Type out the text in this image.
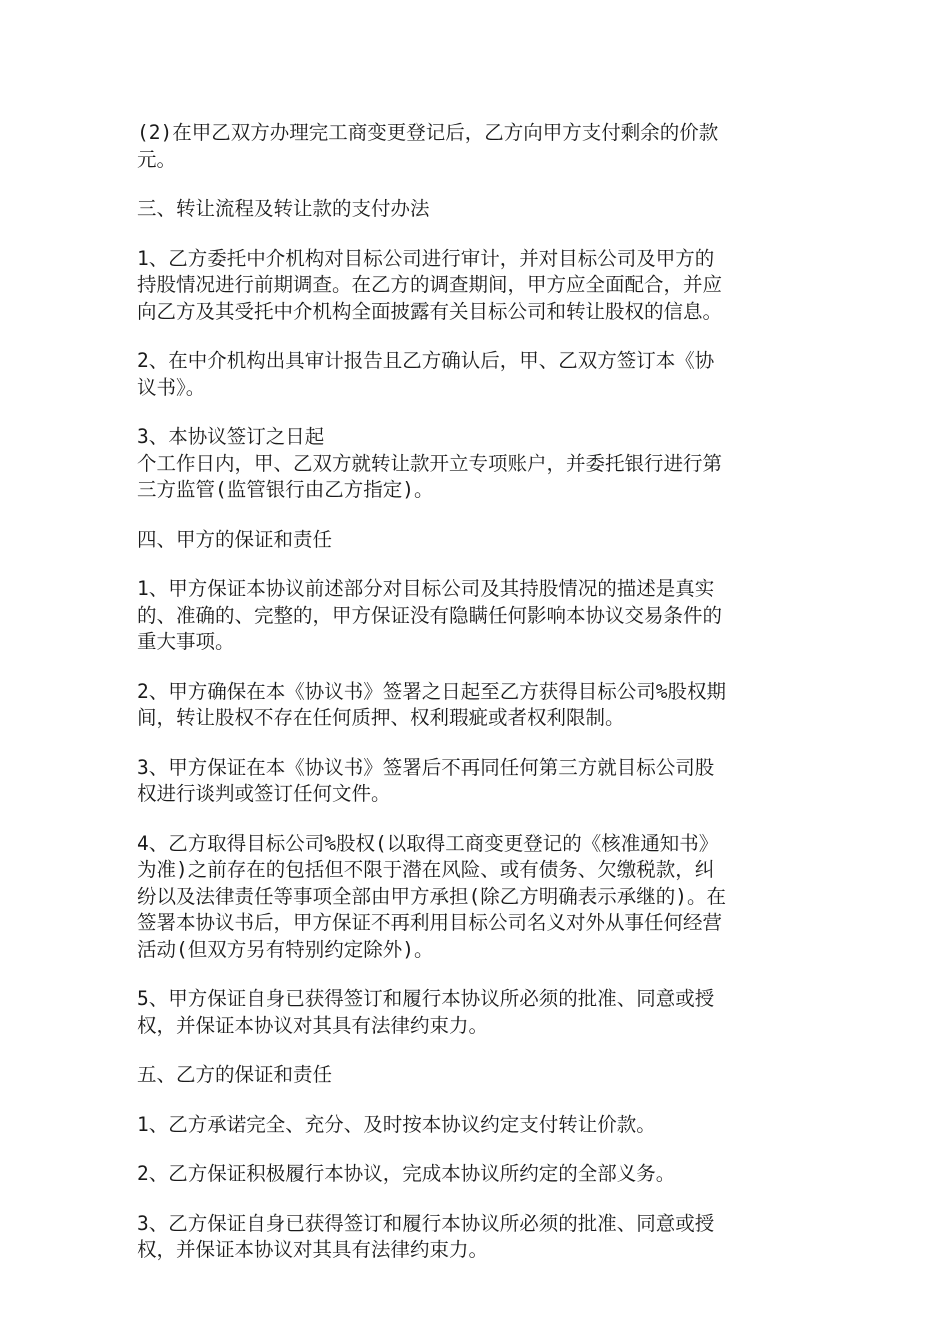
(2)在甲乙双方办理完工商变更登记后，乙方向甲方支付剩余的价款
元。
三、转让流程及转让款的支付办法
1、乙方委托中介机构对目标公司进行审计，并对目标公司及甲方的
持股情况进行前期调查。在乙方的调查期间，甲方应全面配合，并应
向乙方及其受托中介机构全面披露有关目标公司和转让股权的信息。
2、在中介机构出具审计报告且乙方确认后，甲、乙双方签订本《协
议书》。
3、本协议签订之日起
个工作日内，甲、乙双方就转让款开立专项账户，并委托银行进行第
三方监管(监管银行由乙方指定)。
四、甲方的保证和责任
1、甲方保证本协议前述部分对目标公司及其持股情况的描述是真实
的、准确的、完整的，甲方保证没有隐瞒任何影响本协议交易条件的
重大事项。
2、甲方确保在本《协议书》签署之日起至乙方获得目标公司%股权期
间，转让股权不存在任何质押、权利瑕疵或者权利限制。
3、甲方保证在本《协议书》签署后不再同任何第三方就目标公司股
权进行谈判或签订任何文件。
4、乙方取得目标公司%股权(以取得工商变更登记的《核准通知书》
为准)之前存在的包括但不限于潜在风险、或有债务、欠缴税款，纠
纷以及法律责任等事项全部由甲方承担(除乙方明确表示承继的)。在
签署本协议书后，甲方保证不再利用目标公司名义对外从事任何经营
活动(但双方另有特别约定除外)。
5、甲方保证自身已获得签订和履行本协议所必须的批准、同意或授
权，并保证本协议对其具有法律约束力。
五、乙方的保证和责任
1、乙方承诺完全、充分、及时按本协议约定支付转让价款。
2、乙方保证积极履行本协议，完成本协议所约定的全部义务。
3、乙方保证自身已获得签订和履行本协议所必须的批准、同意或授
权，并保证本协议对其具有法律约束力。
